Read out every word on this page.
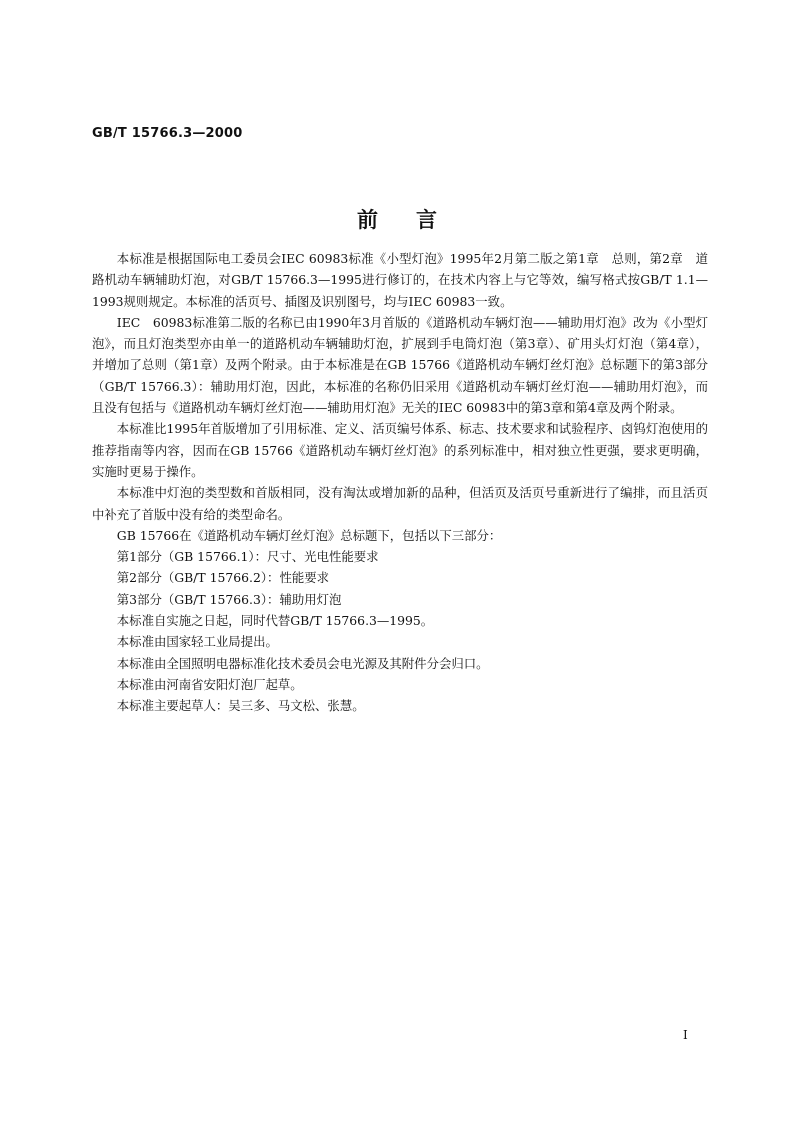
GB/T 15766.3—2000
前言

本标准是根据国际电工委员会IEC 60983标准《小型灯泡》1995年2月第二版之第1章　总则，第2章　道路机动车辆辅助灯泡，对GB/T 15766.3—1995进行修订的，在技术内容上与它等效，编写格式按GB/T 1.1—1993规则规定。本标准的活页号、插图及识别图号，均与IEC 60983一致。

IEC　60983标准第二版的名称已由1990年3月首版的《道路机动车辆灯泡——辅助用灯泡》改为《小型灯泡》，而且灯泡类型亦由单一的道路机动车辆辅助灯泡，扩展到手电筒灯泡（第3章）、矿用头灯灯泡（第4章），并增加了总则（第1章）及两个附录。由于本标准是在GB 15766《道路机动车辆灯丝灯泡》总标题下的第3部分（GB/T 15766.3）：辅助用灯泡，因此，本标准的名称仍旧采用《道路机动车辆灯丝灯泡——辅助用灯泡》，而且没有包括与《道路机动车辆灯丝灯泡——辅助用灯泡》无关的IEC 60983中的第3章和第4章及两个附录。

本标准比1995年首版增加了引用标准、定义、活页编号体系、标志、技术要求和试验程序、卤钨灯泡使用的推荐指南等内容，因而在GB 15766《道路机动车辆灯丝灯泡》的系列标准中，相对独立性更强，要求更明确，实施时更易于操作。

本标准中灯泡的类型数和首版相同，没有淘汰或增加新的品种，但活页及活页号重新进行了编排，而且活页中补充了首版中没有给的类型命名。

GB 15766在《道路机动车辆灯丝灯泡》总标题下，包括以下三部分：

第1部分（GB 15766.1）：尺寸、光电性能要求

第2部分（GB/T 15766.2）：性能要求

第3部分（GB/T 15766.3）：辅助用灯泡

本标准自实施之日起，同时代替GB/T 15766.3—1995。

本标准由国家轻工业局提出。

本标准由全国照明电器标准化技术委员会电光源及其附件分会归口。

本标准由河南省安阳灯泡厂起草。

本标准主要起草人：吴三多、马文松、张慧。

I
